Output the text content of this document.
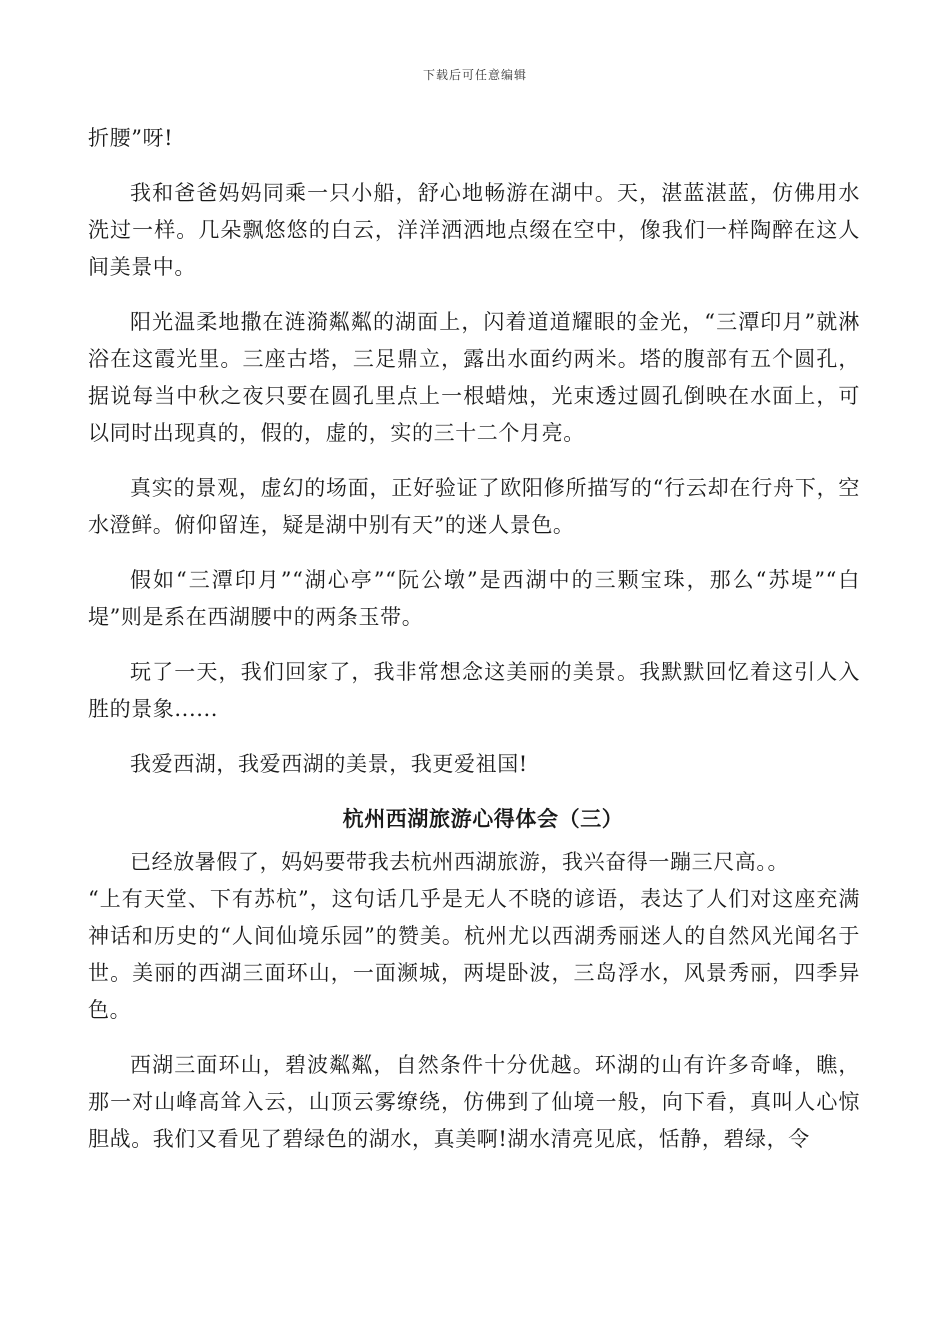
下载后可任意编辑

折腰”呀!

我和爸爸妈妈同乘一只小船，舒心地畅游在湖中。天，湛蓝湛蓝，仿佛用水洗过一样。几朵飘悠悠的白云，洋洋洒洒地点缀在空中，像我们一样陶醉在这人间美景中。

阳光温柔地撒在涟漪粼粼的湖面上，闪着道道耀眼的金光，“三潭印月”就淋浴在这霞光里。三座古塔，三足鼎立，露出水面约两米。塔的腹部有五个圆孔，据说每当中秋之夜只要在圆孔里点上一根蜡烛，光束透过圆孔倒映在水面上，可以同时出现真的，假的，虚的，实的三十二个月亮。

真实的景观，虚幻的场面，正好验证了欧阳修所描写的“行云却在行舟下，空水澄鲜。俯仰留连，疑是湖中别有天”的迷人景色。

假如“三潭印月”“湖心亭”“阮公墩”是西湖中的三颗宝珠，那么“苏堤”“白堤”则是系在西湖腰中的两条玉带。

玩了一天，我们回家了，我非常想念这美丽的美景。我默默回忆着这引人入胜的景象......

我爱西湖，我爱西湖的美景，我更爱祖国!

杭州西湖旅游心得体会（三）

已经放暑假了，妈妈要带我去杭州西湖旅游，我兴奋得一蹦三尺高。。

“上有天堂、下有苏杭”，这句话几乎是无人不晓的谚语，表达了人们对这座充满神话和历史的“人间仙境乐园”的赞美。杭州尤以西湖秀丽迷人的自然风光闻名于世。美丽的西湖三面环山，一面濒城，两堤卧波，三岛浮水，风景秀丽，四季异色。

西湖三面环山，碧波粼粼，自然条件十分优越。环湖的山有许多奇峰，瞧，那一对山峰高耸入云，山顶云雾缭绕，仿佛到了仙境一般，向下看，真叫人心惊胆战。我们又看见了碧绿色的湖水，真美啊!湖水清亮见底，恬静，碧绿，令
